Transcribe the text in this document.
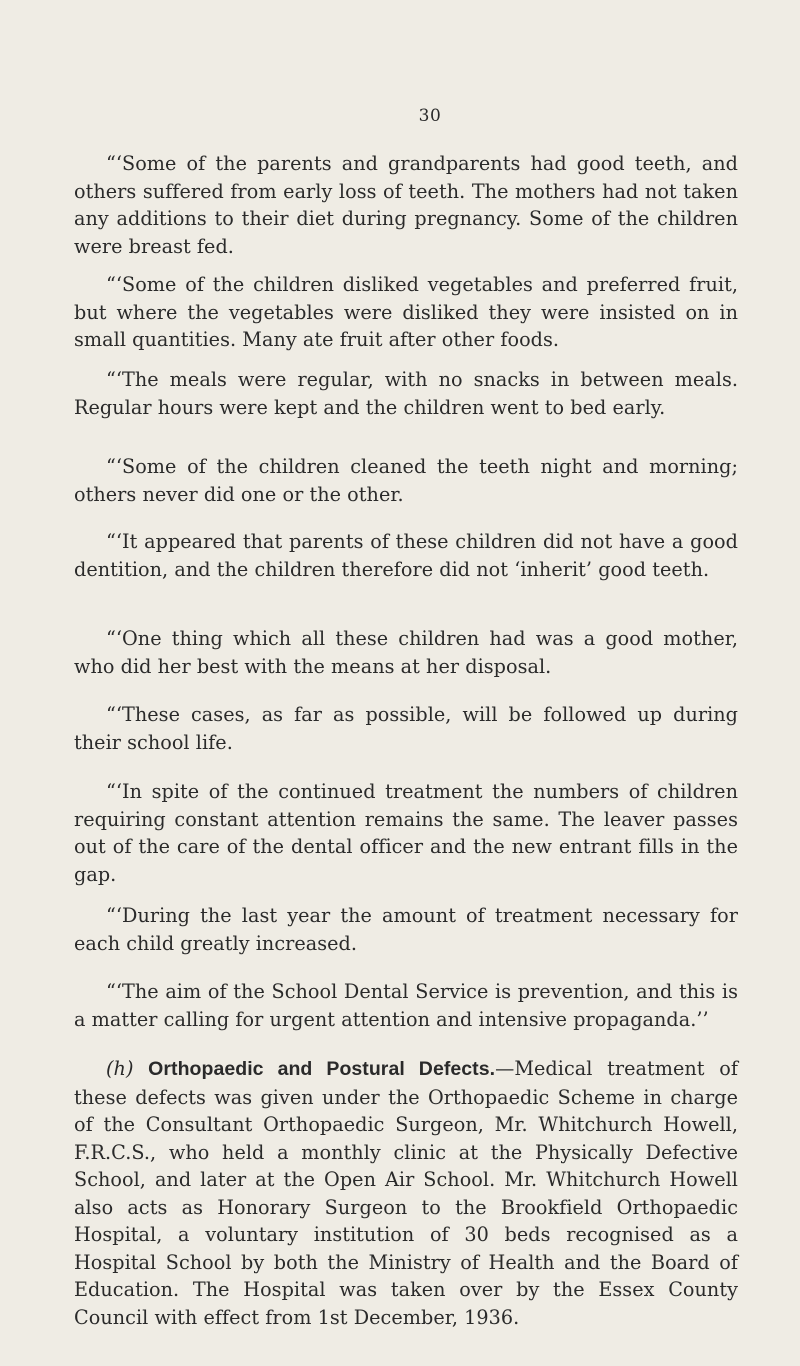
30

“‘Some of the parents and grandparents had good teeth, and others suffered from early loss of teeth. The mothers had not taken any additions to their diet during pregnancy. Some of the children were breast fed.

“‘Some of the children disliked vegetables and preferred fruit, but where the vegetables were disliked they were insisted on in small quantities. Many ate fruit after other foods.

“‘The meals were regular, with no snacks in between meals. Regular hours were kept and the children went to bed early.

“‘Some of the children cleaned the teeth night and morning; others never did one or the other.

“‘It appeared that parents of these children did not have a good dentition, and the children therefore did not ‘inherit’ good teeth.

“‘One thing which all these children had was a good mother, who did her best with the means at her disposal.

“‘These cases, as far as possible, will be followed up during their school life.

“‘In spite of the continued treatment the numbers of children requiring constant attention remains the same. The leaver passes out of the care of the dental officer and the new entrant fills in the gap.

“‘During the last year the amount of treatment necessary for each child greatly increased.

“‘The aim of the School Dental Service is prevention, and this is a matter calling for urgent attention and intensive propaganda.’’

(h) Orthopaedic and Postural Defects.—Medical treatment of these defects was given under the Orthopaedic Scheme in charge of the Consultant Orthopaedic Surgeon, Mr. Whitchurch Howell, F.R.C.S., who held a monthly clinic at the Physically Defective School, and later at the Open Air School. Mr. Whitchurch Howell also acts as Honorary Surgeon to the Brookfield Orthopaedic Hospital, a voluntary institution of 30 beds recognised as a Hospital School by both the Ministry of Health and the Board of Education. The Hospital was taken over by the Essex County Council with effect from 1st December, 1936.
